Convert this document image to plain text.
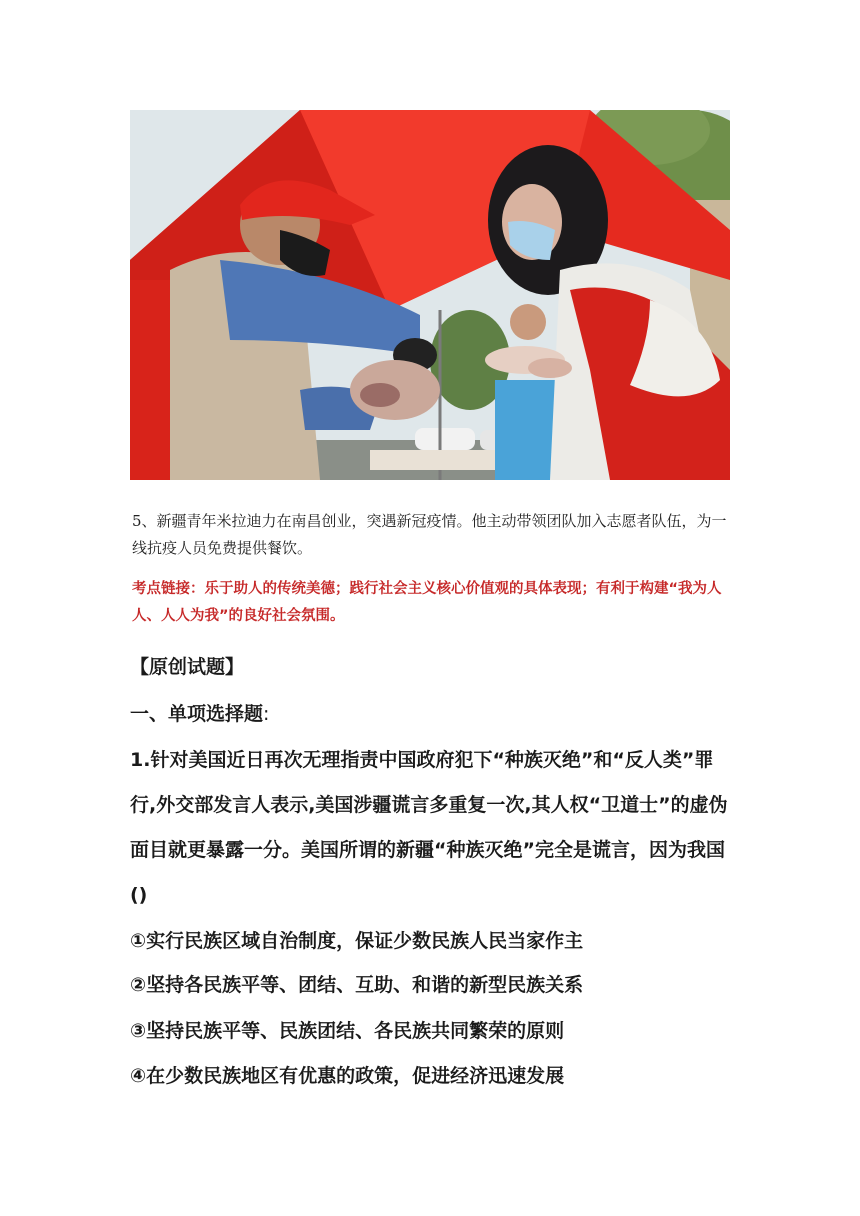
5、新疆青年米拉迪力在南昌创业，突遇新冠疫情。他主动带领团队加入志愿者队伍，为一线抗疫人员免费提供餐饮。

考点链接：乐于助人的传统美德；践行社会主义核心价值观的具体表现；有利于构建“我为人人、人人为我”的良好社会氛围。

【原创试题】

一、单项选择题:

1.针对美国近日再次无理指责中国政府犯下“种族灭绝”和“反人类”罪行,外交部发言人表示,美国涉疆谎言多重复一次,其人权“卫道士”的虚伪面目就更暴露一分。美国所谓的新疆“种族灭绝”完全是谎言，因为我国()

①实行民族区域自治制度，保证少数民族人民当家作主

②坚持各民族平等、团结、互助、和谐的新型民族关系

③坚持民族平等、民族团结、各民族共同繁荣的原则

④在少数民族地区有优惠的政策，促进经济迅速发展
